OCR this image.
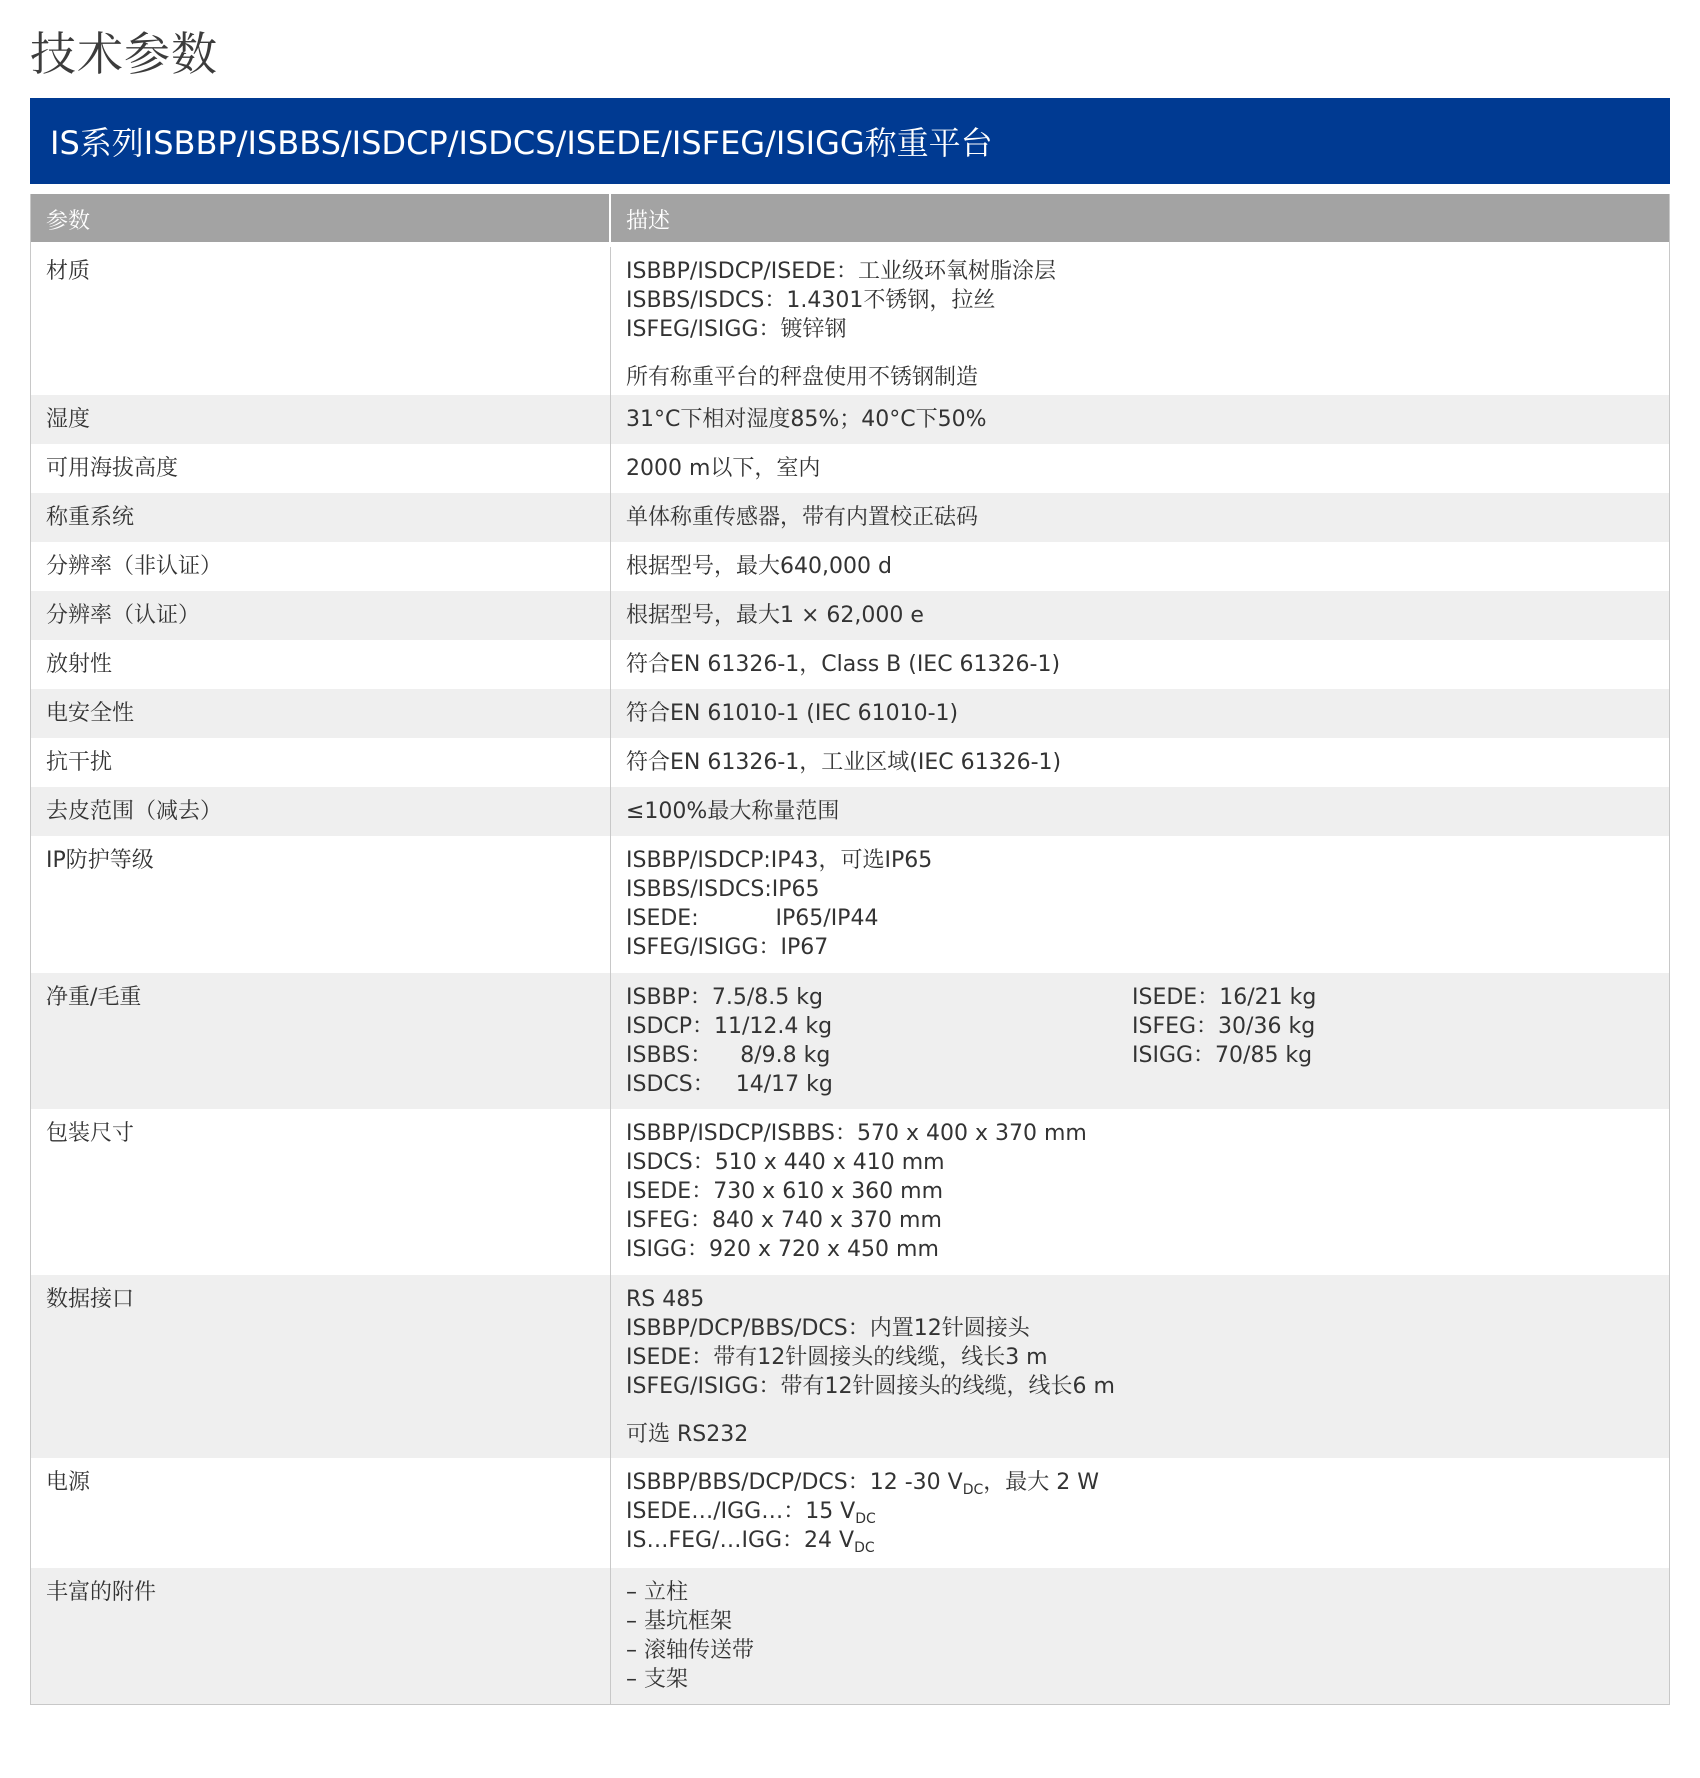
技术参数
IS系列ISBBP/ISBBS/ISDCP/ISDCS/ISEDE/ISFEG/ISIGG称重平台
参数	描述
材质	ISBBP/ISDCP/ISEDE：工业级环氧树脂涂层
ISBBS/ISDCS：1.4301不锈钢，拉丝
ISFEG/ISIGG：镀锌钢
所有称重平台的秤盘使用不锈钢制造
湿度	31°C下相对湿度85%；40°C下50%
可用海拔高度	2000 m以下，室内
称重系统	单体称重传感器，带有内置校正砝码
分辨率（非认证）	根据型号，最大640,000 d
分辨率（认证）	根据型号，最大1 × 62,000 e
放射性	符合EN 61326-1，Class B (IEC 61326-1)
电安全性	符合EN 61010-1 (IEC 61010-1)
抗干扰	符合EN 61326-1，工业区域(IEC 61326-1)
去皮范围（减去）	≤100%最大称量范围
IP防护等级	ISBBP/ISDCP:IP43，可选IP65
ISBBS/ISDCS:IP65
ISEDE:           IP65/IP44
ISFEG/ISIGG：IP67
净重/毛重	ISBBP：7.5/8.5 kg
ISDCP：11/12.4 kg
ISBBS：    8/9.8 kg
ISDCS：   14/17 kg
ISEDE：16/21 kg
ISFEG：30/36 kg
ISIGG：70/85 kg
包装尺寸	ISBBP/ISDCP/ISBBS：570 x 400 x 370 mm
ISDCS：510 x 440 x 410 mm
ISEDE：730 x 610 x 360 mm
ISFEG：840 x 740 x 370 mm
ISIGG：920 x 720 x 450 mm
数据接口	RS 485
ISBBP/DCP/BBS/DCS：内置12针圆接头
ISEDE：带有12针圆接头的线缆，线长3 m
ISFEG/ISIGG：带有12针圆接头的线缆，线长6 m
可选 RS232
电源	ISBBP/BBS/DCP/DCS：12 -30 $V_{DC}$，最大 2 W
ISEDE…/IGG…：15 $V_{DC}$
IS…FEG/…IGG：24 $V_{DC}$
丰富的附件	– 立柱
– 基坑框架
– 滚轴传送带
– 支架
